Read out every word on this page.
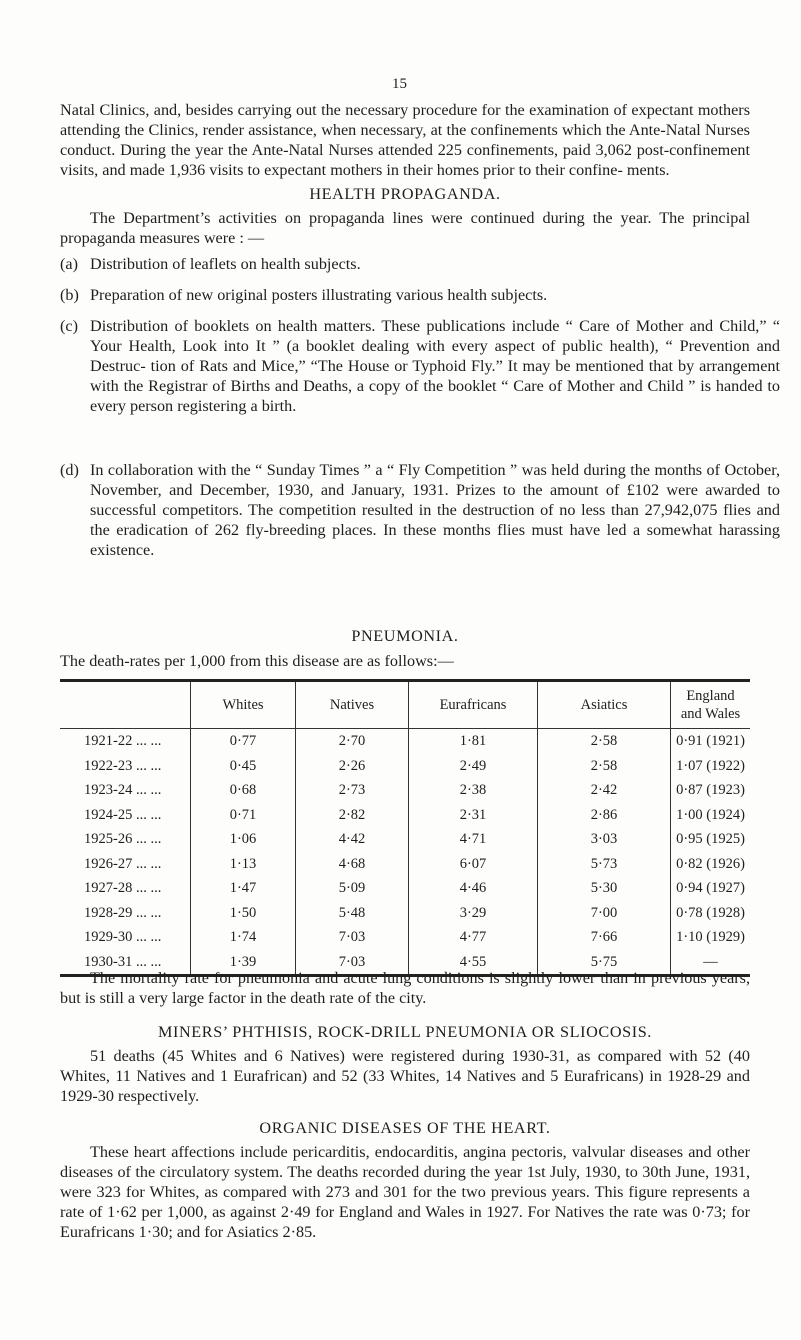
15

Natal Clinics, and, besides carrying out the necessary procedure for the examination of expectant mothers attending the Clinics, render assistance, when necessary, at the confinements which the Ante-Natal Nurses conduct. During the year the Ante-Natal Nurses attended 225 confinements, paid 3,062 post-confinement visits, and made 1,936 visits to expectant mothers in their homes prior to their confine- ments.

HEALTH PROPAGANDA.

The Department’s activities on propaganda lines were continued during the year. The principal propaganda measures were : —

(a) Distribution of leaflets on health subjects.
(b) Preparation of new original posters illustrating various health subjects.
(c) Distribution of booklets on health matters. These publications include “ Care of Mother and Child,” “ Your Health, Look into It ” (a booklet dealing with every aspect of public health), “ Prevention and Destruc- tion of Rats and Mice,” “The House or Typhoid Fly.” It may be mentioned that by arrangement with the Registrar of Births and Deaths, a copy of the booklet “ Care of Mother and Child ” is handed to every person registering a birth.
(d) In collaboration with the “ Sunday Times ” a “ Fly Competition ” was held during the months of October, November, and December, 1930, and January, 1931. Prizes to the amount of £102 were awarded to successful competitors. The competition resulted in the destruction of no less than 27,942,075 flies and the eradication of 262 fly-breeding places. In these months flies must have led a somewhat harassing existence.

PNEUMONIA.

The death-rates per 1,000 from this disease are as follows:—

	Whites	Natives	Eurafricans	Asiatics	England and Wales
1921-22 ... ...	0·77	2·70	1·81	2·58	0·91 (1921)
1922-23 ... ...	0·45	2·26	2·49	2·58	1·07 (1922)
1923-24 ... ...	0·68	2·73	2·38	2·42	0·87 (1923)
1924-25 ... ...	0·71	2·82	2·31	2·86	1·00 (1924)
1925-26 ... ...	1·06	4·42	4·71	3·03	0·95 (1925)
1926-27 ... ...	1·13	4·68	6·07	5·73	0·82 (1926)
1927-28 ... ...	1·47	5·09	4·46	5·30	0·94 (1927)
1928-29 ... ...	1·50	5·48	3·29	7·00	0·78 (1928)
1929-30 ... ...	1·74	7·03	4·77	7·66	1·10 (1929)
1930-31 ... ...	1·39	7·03	4·55	5·75	—

The mortality rate for pneumonia and acute lung conditions is slightly lower than in previous years, but is still a very large factor in the death rate of the city.

MINERS’ PHTHISIS, ROCK-DRILL PNEUMONIA OR SLIOCOSIS.

51 deaths (45 Whites and 6 Natives) were registered during 1930-31, as compared with 52 (40 Whites, 11 Natives and 1 Eurafrican) and 52 (33 Whites, 14 Natives and 5 Eurafricans) in 1928-29 and 1929-30 respectively.

ORGANIC DISEASES OF THE HEART.

These heart affections include pericarditis, endocarditis, angina pectoris, valvular diseases and other diseases of the circulatory system. The deaths recorded during the year 1st July, 1930, to 30th June, 1931, were 323 for Whites, as compared with 273 and 301 for the two previous years. This figure represents a rate of 1·62 per 1,000, as against 2·49 for England and Wales in 1927. For Natives the rate was 0·73; for Eurafricans 1·30; and for Asiatics 2·85.
